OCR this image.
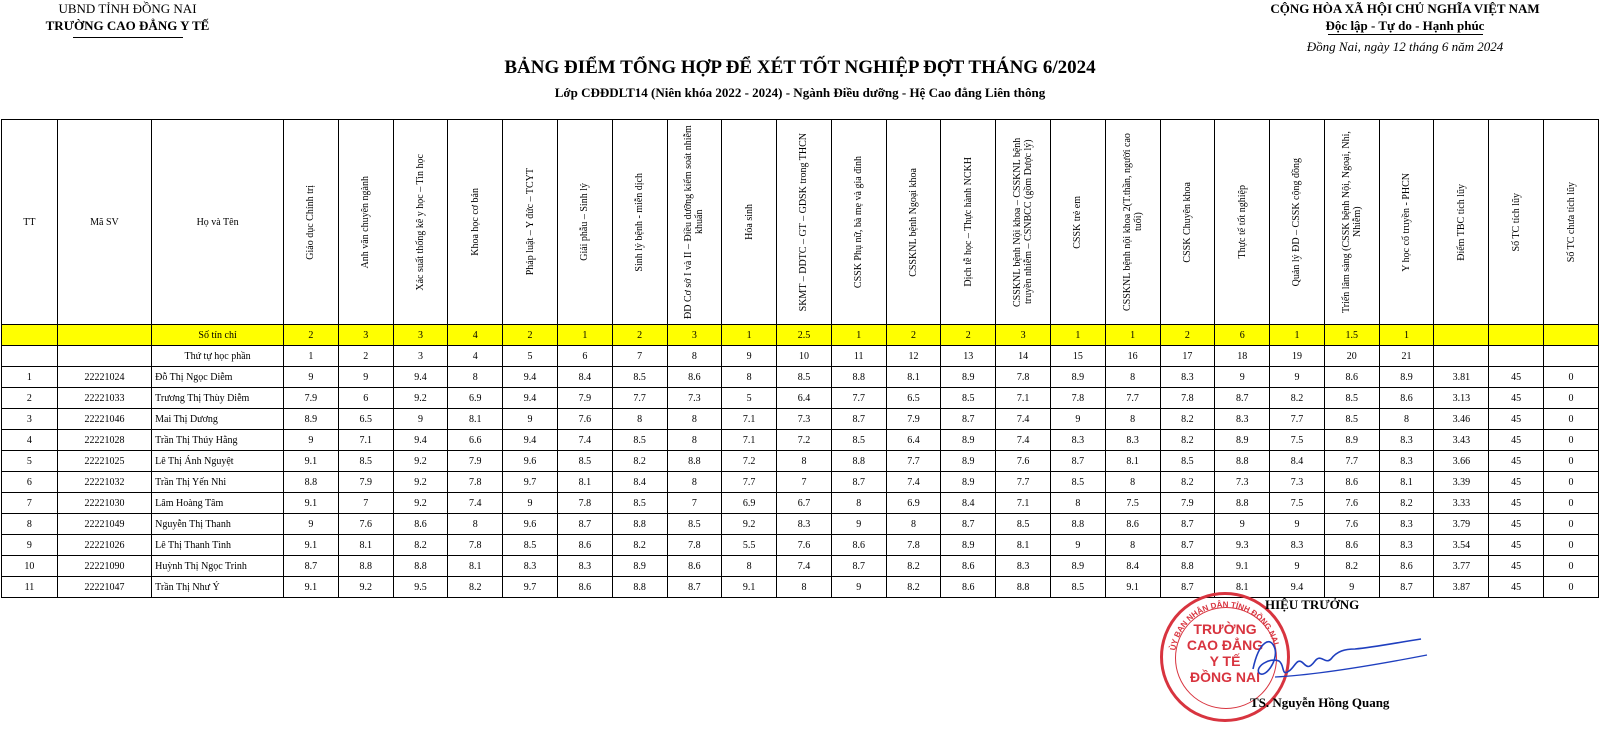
UBND TỈNH ĐỒNG NAI
TRƯỜNG CAO ĐẲNG Y TẾ
CỘNG HÒA XÃ HỘI CHỦ NGHĨA VIỆT NAM
Độc lập - Tự do - Hạnh phúc
Đồng Nai, ngày 12 tháng 6 năm 2024
BẢNG ĐIỂM TỔNG HỢP ĐỂ XÉT TỐT NGHIỆP ĐỢT THÁNG 6/2024
Lớp CĐĐDLT14 (Niên khóa 2022 - 2024) - Ngành Điều dưỡng - Hệ Cao đẳng Liên thông
TT	Mã SV	Họ và Tên	Giáo dục Chính trị	Anh văn chuyên ngành	Xác suất thống kê y học – Tin học	Khoa học cơ bản	Pháp luật – Y đức – TCYT	Giải phẫu – Sinh lý	Sinh lý bệnh - miễn dịch	ĐD Cơ sở I và II – Điều dưỡng kiểm soát nhiễm khuẩn	Hóa sinh	SKMT – DDTC – GT – GDSK trong THCN	CSSK Phụ nữ, bà mẹ và gia đình	CSSKNL bệnh Ngoại khoa	Dịch tễ học – Thực hành NCKH	CSSKNL bệnh Nội khoa – CSSKNL bệnh truyền nhiễm – CSNBCC (gồm Dược lý)	CSSK trẻ em	CSSKNL bệnh nội khoa 2(T.thần, người cao tuổi)	CSSK Chuyên khoa	Thực tế tốt nghiệp	Quản lý ĐD – CSSK cộng đồng	Triển lâm sàng (CSSK bệnh Nội, Ngoại, Nhi, Nhiễm)	Y học cổ truyền - PHCN	Điểm TBC tích lũy	Số TC tích lũy	Số TC chưa tích lũy

		Số tín chỉ	2	3	3	4	2	1	2	3	1	2.5	1	2	2	3	1	1	2	6	1	1.5	1			
		Thứ tự học phần	1	2	3	4	5	6	7	8	9	10	11	12	13	14	15	16	17	18	19	20	21			
1	22221024	Đỗ Thị Ngọc Diễm	9	9	9.4	8	9.4	8.4	8.5	8.6	8	8.5	8.8	8.1	8.9	7.8	8.9	8	8.3	9	9	8.6	8.9	3.81	45	0
2	22221033	Trương Thị Thùy Diễm	7.9	6	9.2	6.9	9.4	7.9	7.7	7.3	5	6.4	7.7	6.5	8.5	7.1	7.8	7.7	7.8	8.7	8.2	8.5	8.6	3.13	45	0
3	22221046	Mai Thị Dương	8.9	6.5	9	8.1	9	7.6	8	8	7.1	7.3	8.7	7.9	8.7	7.4	9	8	8.2	8.3	7.7	8.5	8	3.46	45	0
4	22221028	Trần Thị Thúy Hằng	9	7.1	9.4	6.6	9.4	7.4	8.5	8	7.1	7.2	8.5	6.4	8.9	7.4	8.3	8.3	8.2	8.9	7.5	8.9	8.3	3.43	45	0
5	22221025	Lê Thị Ánh Nguyệt	9.1	8.5	9.2	7.9	9.6	8.5	8.2	8.8	7.2	8	8.8	7.7	8.9	7.6	8.7	8.1	8.5	8.8	8.4	7.7	8.3	3.66	45	0
6	22221032	Trần Thị Yến Nhi	8.8	7.9	9.2	7.8	9.7	8.1	8.4	8	7.7	7	8.7	7.4	8.9	7.7	8.5	8	8.2	7.3	7.3	8.6	8.1	3.39	45	0
7	22221030	Lâm Hoàng Tâm	9.1	7	9.2	7.4	9	7.8	8.5	7	6.9	6.7	8	6.9	8.4	7.1	8	7.5	7.9	8.8	7.5	7.6	8.2	3.33	45	0
8	22221049	Nguyễn Thị Thanh	9	7.6	8.6	8	9.6	8.7	8.8	8.5	9.2	8.3	9	8	8.7	8.5	8.8	8.6	8.7	9	9	7.6	8.3	3.79	45	0
9	22221026	Lê Thị Thanh Tình	9.1	8.1	8.2	7.8	8.5	8.6	8.2	7.8	5.5	7.6	8.6	7.8	8.9	8.1	9	8	8.7	9.3	8.3	8.6	8.3	3.54	45	0
10	22221090	Huỳnh Thị Ngọc Trinh	8.7	8.8	8.8	8.1	8.3	8.3	8.9	8.6	8	7.4	8.7	8.2	8.6	8.3	8.9	8.4	8.8	9.1	9	8.2	8.6	3.77	45	0
11	22221047	Trần Thị Như Ý	9.1	9.2	9.5	8.2	9.7	8.6	8.8	8.7	9.1	8	9	8.2	8.6	8.8	8.5	9.1	8.7	8.1	9.4	9	8.7	3.87	45	0
ỦY BAN NHÂN DÂN TỈNH ĐỒNG NAI
TRƯỜNG
CAO ĐẲNG
Y TẾ
ĐỒNG NAI
HIỆU TRƯỞNG
TS. Nguyễn Hồng Quang
